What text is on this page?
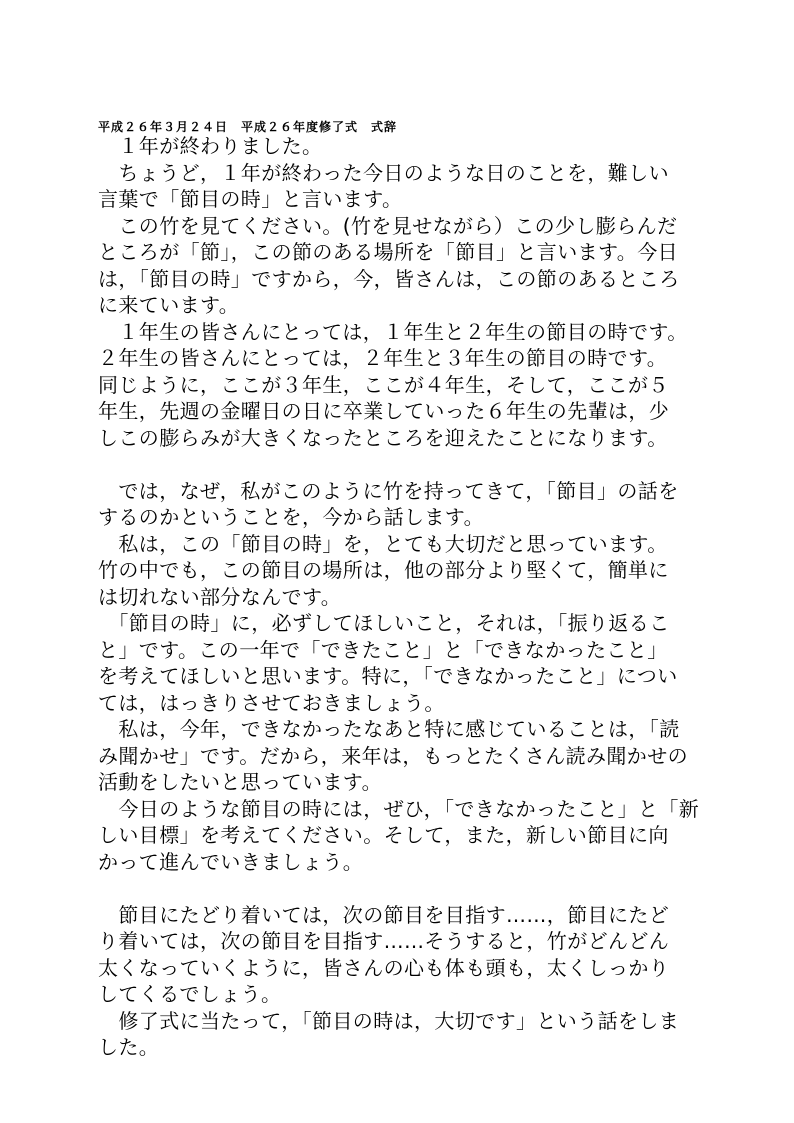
平成２６年３月２４日　平成２６年度修了式　式辞
　１年が終わりました。
　ちょうど，１年が終わった今日のような日のことを，難しい
言葉で「節目の時」と言います。
　この竹を見てください。(竹を見せながら）この少し膨らんだ
ところが「節」，この節のある場所を「節目」と言います。今日
は，「節目の時」ですから，今，皆さんは，この節のあるところ
に来ています。
　１年生の皆さんにとっては，１年生と２年生の節目の時です。
２年生の皆さんにとっては，２年生と３年生の節目の時です。
同じように，ここが３年生，ここが４年生，そして，ここが５
年生，先週の金曜日の日に卒業していった６年生の先輩は，少
しこの膨らみが大きくなったところを迎えたことになります。
　では，なぜ，私がこのように竹を持ってきて，「節目」の話を
するのかということを，今から話します。
　私は，この「節目の時」を，とても大切だと思っています。
竹の中でも，この節目の場所は，他の部分より堅くて，簡単に
は切れない部分なんです。
　「節目の時」に，必ずしてほしいこと，それは，「振り返るこ
と」です。この一年で「できたこと」と「できなかったこと」
を考えてほしいと思います。特に，「できなかったこと」につい
ては，はっきりさせておきましょう。
　私は，今年，できなかったなあと特に感じていることは，「読
み聞かせ」です。だから，来年は，もっとたくさん読み聞かせの
活動をしたいと思っています。
　今日のような節目の時には，ぜひ，「できなかったこと」と「新
しい目標」を考えてください。そして，また，新しい節目に向
かって進んでいきましょう。
　節目にたどり着いては，次の節目を目指す……，節目にたど
り着いては，次の節目を目指す……そうすると，竹がどんどん
太くなっていくように，皆さんの心も体も頭も，太くしっかり
してくるでしょう。
　修了式に当たって，「節目の時は，大切です」という話をしま
した。
